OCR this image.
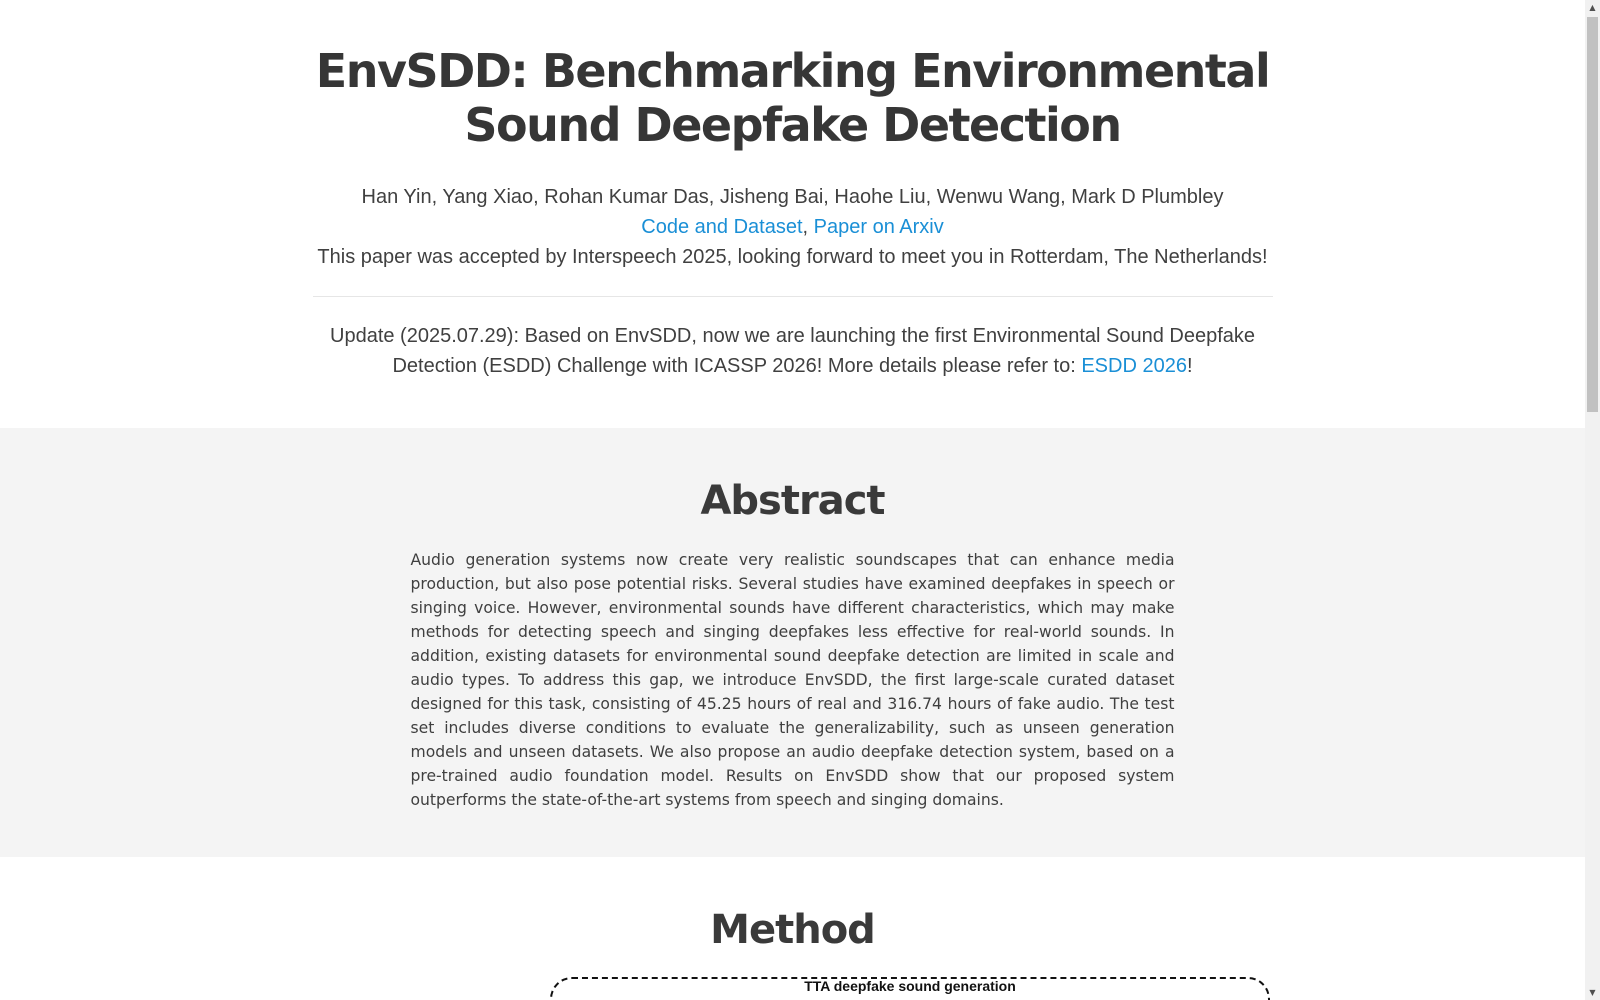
EnvSDD: Benchmarking Environmental Sound Deepfake Detection
Han Yin, Yang Xiao, Rohan Kumar Das, Jisheng Bai, Haohe Liu, Wenwu Wang, Mark D Plumbley
Code and Dataset, Paper on Arxiv
This paper was accepted by Interspeech 2025, looking forward to meet you in Rotterdam, The Netherlands!
Update (2025.07.29): Based on EnvSDD, now we are launching the first Environmental Sound Deepfake Detection (ESDD) Challenge with ICASSP 2026! More details please refer to: ESDD 2026!
Abstract

Audio generation systems now create very realistic soundscapes that can enhance media production, but also pose potential risks. Several studies have examined deepfakes in speech or singing voice. However, environmental sounds have different characteristics, which may make methods for detecting speech and singing deepfakes less effective for real-world sounds. In addition, existing datasets for environmental sound deepfake detection are limited in scale and audio types. To address this gap, we introduce EnvSDD, the first large-scale curated dataset designed for this task, consisting of 45.25 hours of real and 316.74 hours of fake audio. The test set includes diverse conditions to evaluate the generalizability, such as unseen generation models and unseen datasets. We also propose an audio deepfake detection system, based on a pre-trained audio foundation model. Results on EnvSDD show that our proposed system outperforms the state-of-the-art systems from speech and singing domains.

Method
TTA deepfake sound generation
▲
▼
